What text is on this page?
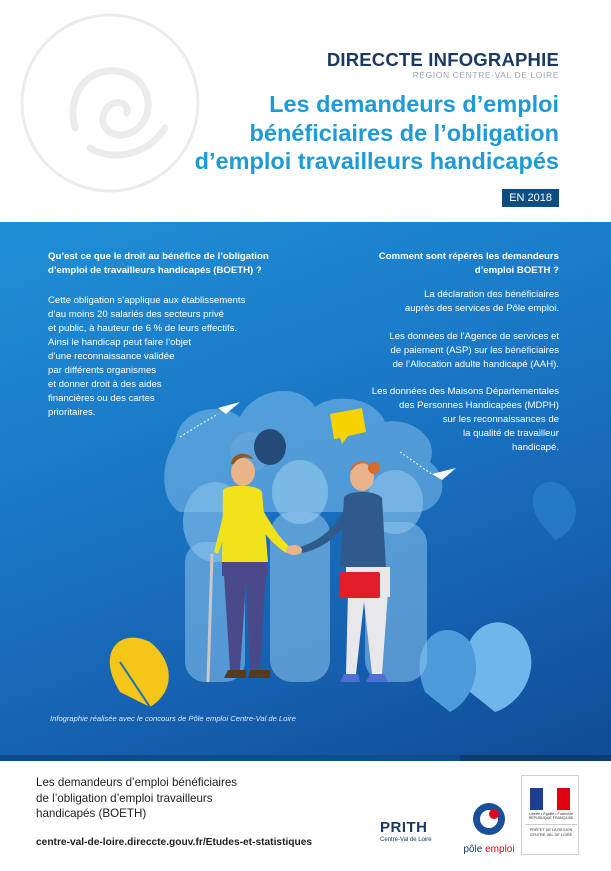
DIRECCTE INFOGRAPHIE
RÉGION CENTRE-VAL DE LOIRE
Les demandeurs d’emploi
bénéficiaires de l’obligation
d’emploi travailleurs handicapés
EN 2018
Qu’est ce que le droit au bénéfice de l’obligation
d’emploi de travailleurs handicapés (BOETH) ?
Cette obligation s’applique aux établissements
d’au moins 20 salariés des secteurs privé
et public, à hauteur de 6 % de leurs effectifs.
Ainsi le handicap peut faire l’objet
d’une reconnaissance validée
par différents organismes
et donner droit à des aides
financières ou des cartes
prioritaires.
Comment sont répérés les demandeurs
d’emploi BOETH ?
La déclaration des bénéficiaires
auprès des services de Pôle emploi.
Les données de l’Agence de services et
de paiement (ASP) sur les bénéficiaires
de l’Allocation adulte handicapé (AAH).
Les données des Maisons Départementales
des Personnes Handicapées (MDPH)
sur les reconnaissances de
la qualité de travailleur
handicapé.
Infographie réalisée avec le concours de Pôle emploi Centre-Val de Loire
Les demandeurs d’emploi bénéficiaires
de l’obligation d’emploi travailleurs
handicapés (BOETH)
centre-val-de-loire.direccte.gouv.fr/Etudes-et-statistiques
PRITH
Centre-Val de Loire
pôle emploi
Liberté • Égalité • Fraternité RÉPUBLIQUE FRANÇAISE
PRÉFET DE LA RÉGION CENTRE-VAL DE LOIRE
